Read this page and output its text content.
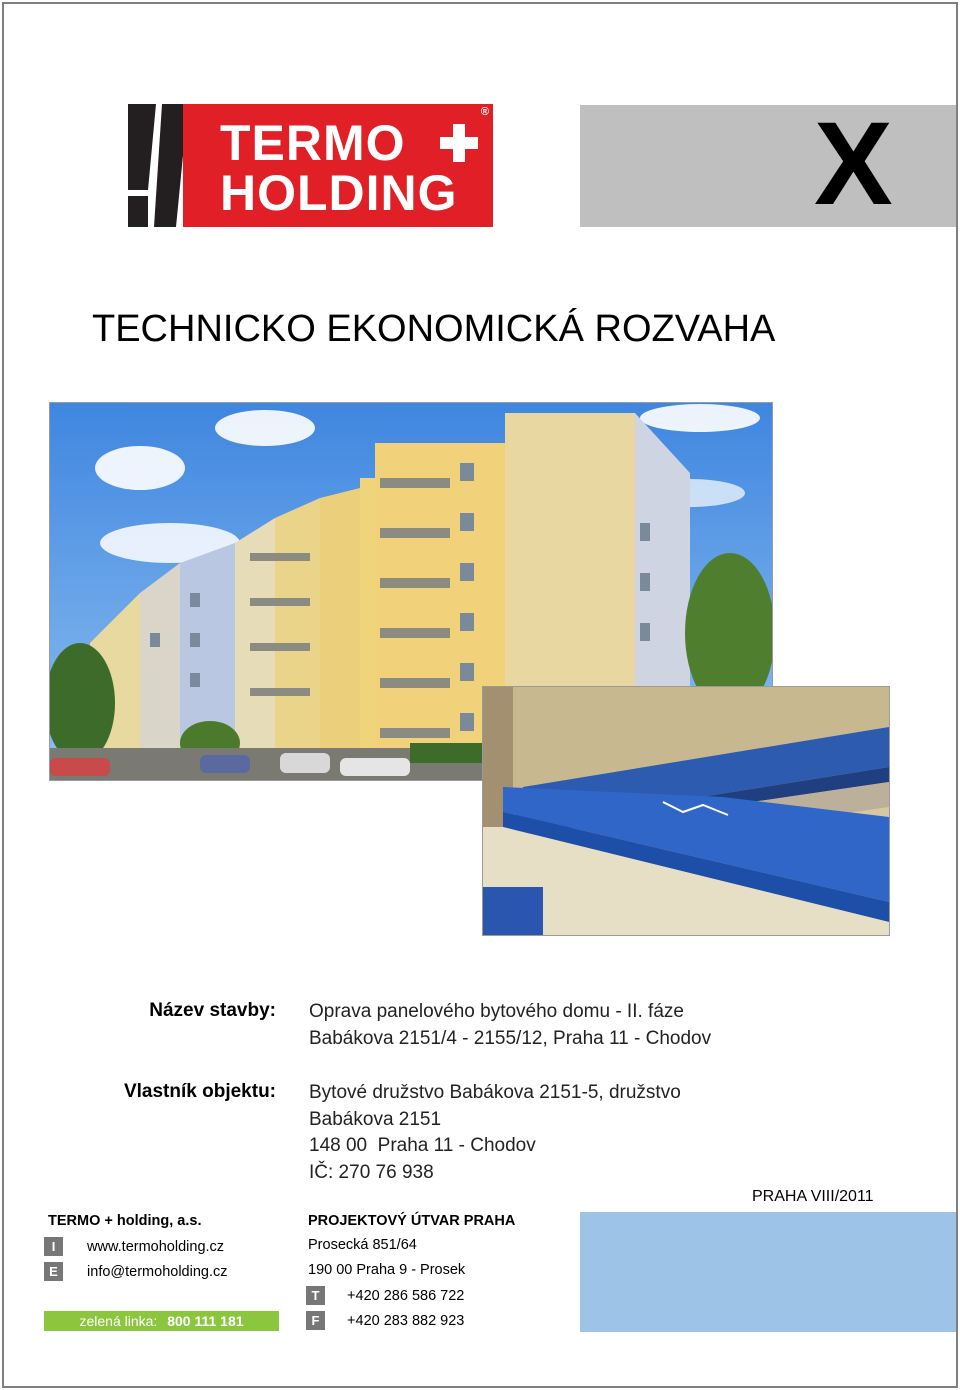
®
TERMO
HOLDING	X
TECHNICKO EKONOMICKÁ ROZVAHA
Název stavby: Oprava panelového bytového domu - II. fáze
Babákova 2151/4 - 2155/12, Praha 11 - Chodov
Vlastník objektu: Bytové družstvo Babákova 2151-5, družstvo
Babákova 2151
148 00  Praha 11 - Chodov
IČ: 270 76 938
PRAHA VIII/2011
TERMO + holding, a.s.
I www.termoholding.cz
E info@termoholding.cz
zelená linka: 800 111 181
PROJEKTOVÝ ÚTVAR PRAHA
Prosecká 851/64
190 00 Praha 9 - Prosek
T +420 286 586 722
F +420 283 882 923
